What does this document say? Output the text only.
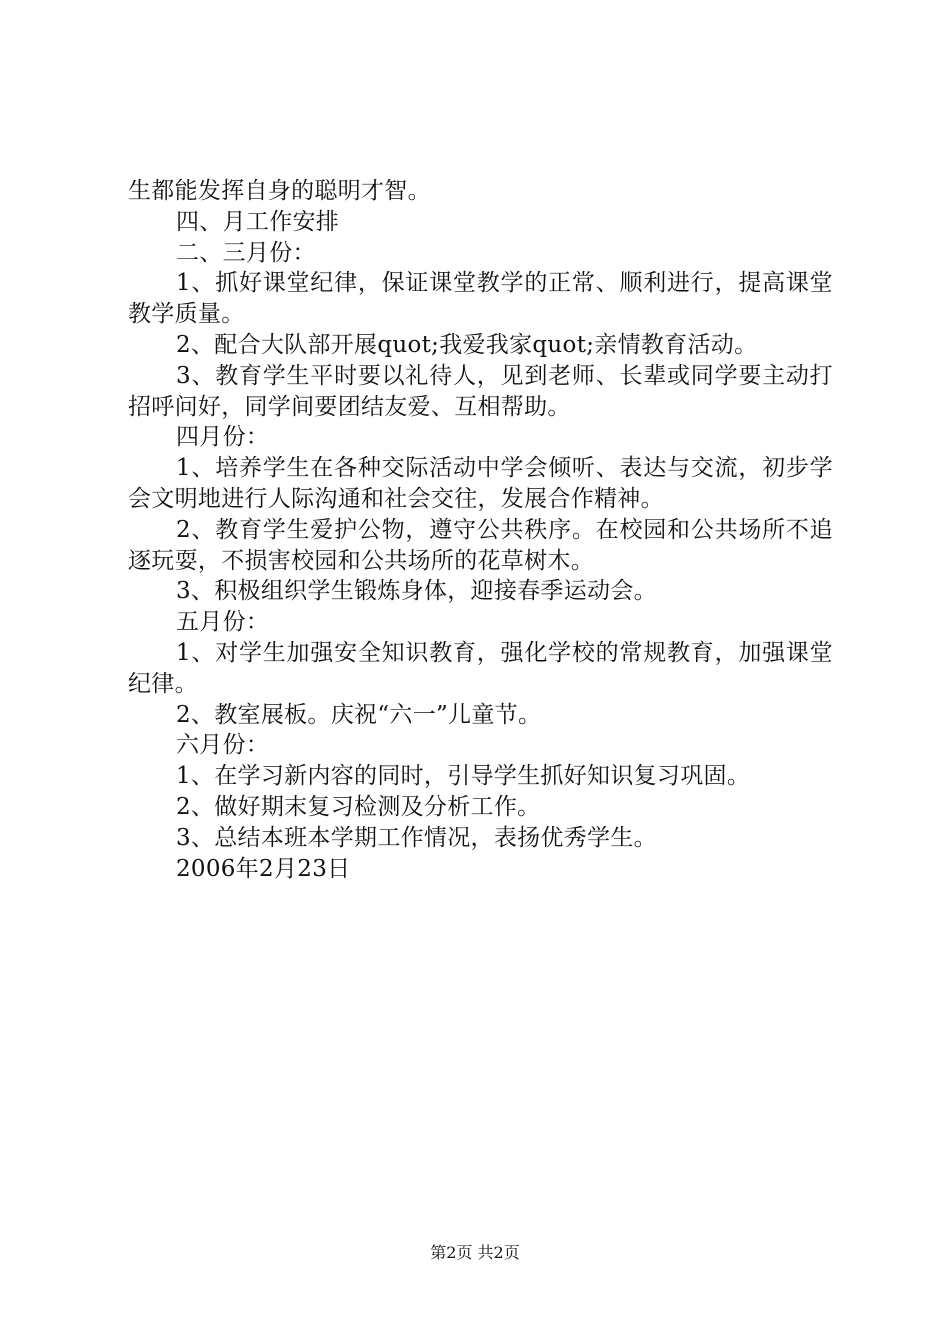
生都能发挥自身的聪明才智。

四、月工作安排

二、三月份：

1、抓好课堂纪律，保证课堂教学的正常、顺利进行，提高课堂教学质量。

2、配合大队部开展quot;我爱我家quot;亲情教育活动。

3、教育学生平时要以礼待人，见到老师、长辈或同学要主动打招呼问好，同学间要团结友爱、互相帮助。

四月份：

1、培养学生在各种交际活动中学会倾听、表达与交流，初步学会文明地进行人际沟通和社会交往，发展合作精神。

2、教育学生爱护公物，遵守公共秩序。在校园和公共场所不追逐玩耍，不损害校园和公共场所的花草树木。

3、积极组织学生锻炼身体，迎接春季运动会。

五月份：

1、对学生加强安全知识教育，强化学校的常规教育，加强课堂纪律。

2、教室展板。庆祝“六一”儿童节。

六月份：

1、在学习新内容的同时，引导学生抓好知识复习巩固。

2、做好期末复习检测及分析工作。

3、总结本班本学期工作情况，表扬优秀学生。

2006年2月23日

第2页 共2页
